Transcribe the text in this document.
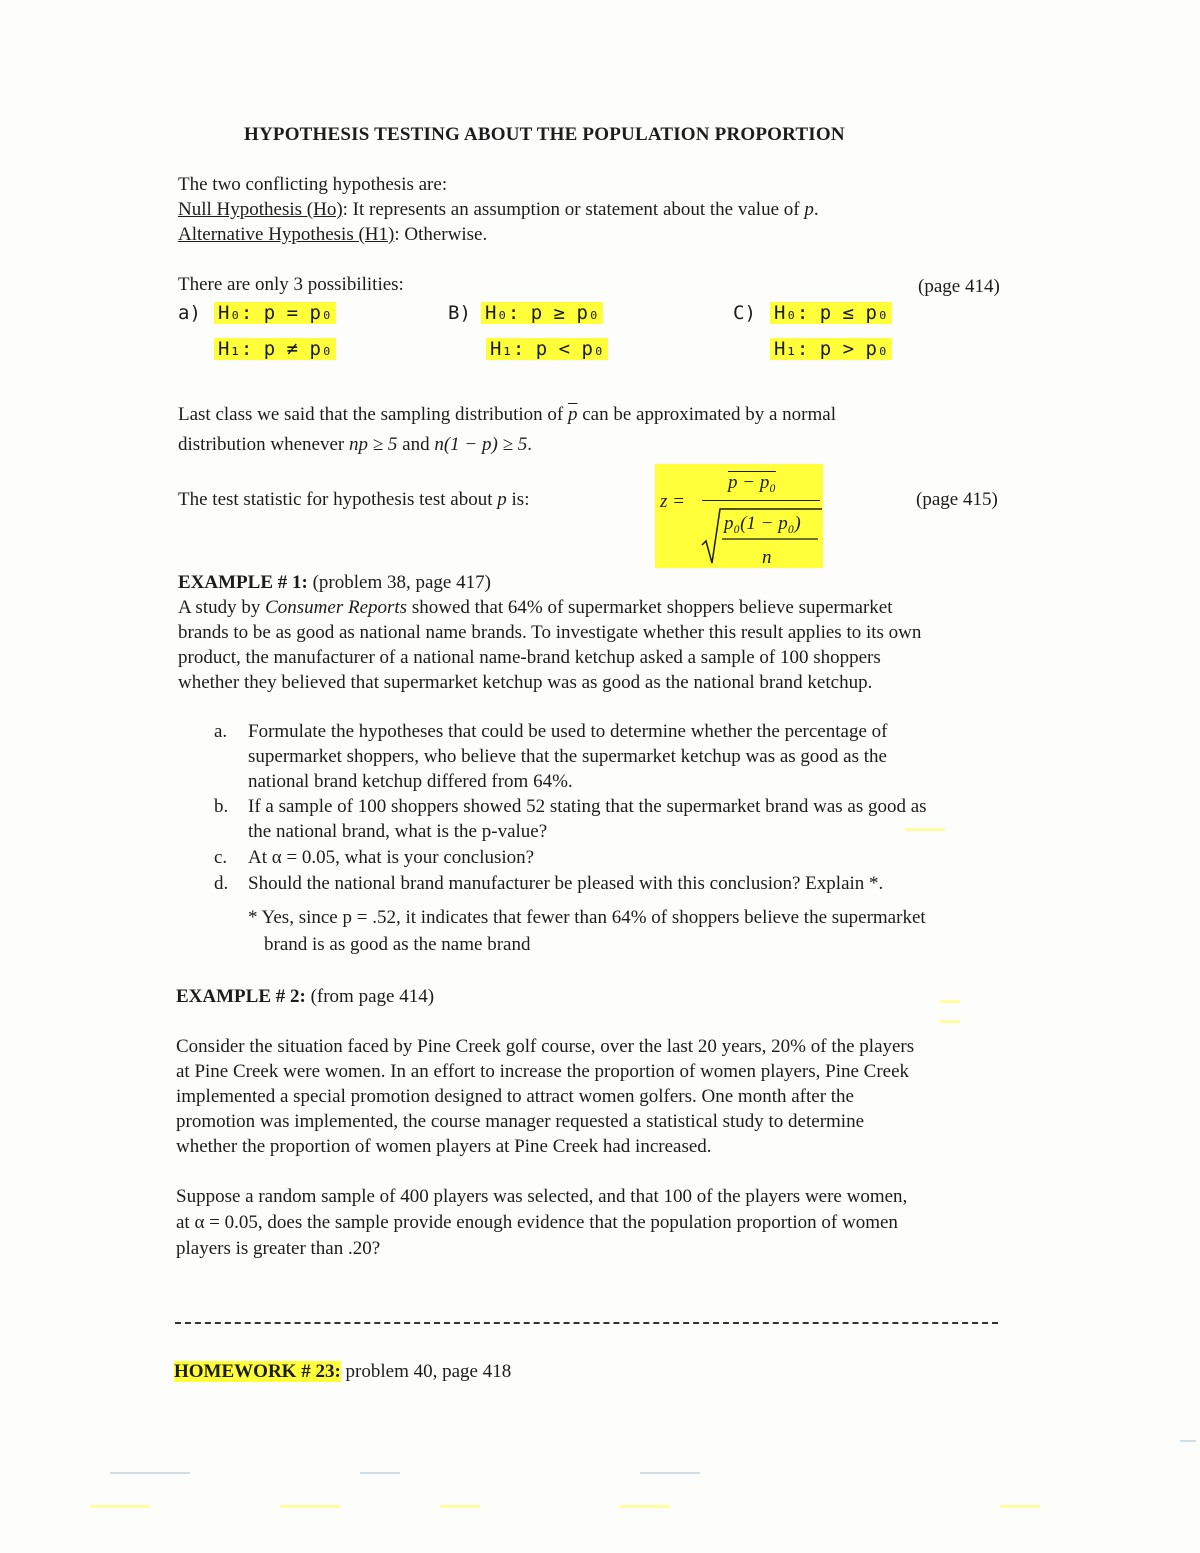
HYPOTHESIS TESTING ABOUT THE POPULATION PROPORTION
The two conflicting hypothesis are:
Null Hypothesis (Ho): It represents an assumption or statement about the value of p.
Alternative Hypothesis (H1): Otherwise.
There are only 3 possibilities:	(page 414)
a) H₀: p = p₀
H₁: p ≠ p₀
B) H₀: p ≥ p₀
H₁: p < p₀
C) H₀: p ≤ p₀
H₁: p > p₀
Last class we said that the sampling distribution of $\overline{p}$ can be approximated by a normal
distribution whenever np ≥ 5 and n(1 − p) ≥ 5.
The test statistic for hypothesis test about p is:	z =
p − p₀
p₀(1 − p₀)
n
(page 415)
EXAMPLE # 1: (problem 38, page 417)
A study by Consumer Reports showed that 64% of supermarket shoppers believe supermarket
brands to be as good as national name brands. To investigate whether this result applies to its own
product, the manufacturer of a national name-brand ketchup asked a sample of 100 shoppers
whether they believed that supermarket ketchup was as good as the national brand ketchup.
a. Formulate the hypotheses that could be used to determine whether the percentage of
supermarket shoppers, who believe that the supermarket ketchup was as good as the
national brand ketchup differed from 64%.
b. If a sample of 100 shoppers showed 52 stating that the supermarket brand was as good as
the national brand, what is the p-value?
c. At α = 0.05, what is your conclusion?
d. Should the national brand manufacturer be pleased with this conclusion? Explain *.
* Yes, since p = .52, it indicates that fewer than 64% of shoppers believe the supermarket
brand is as good as the name brand
EXAMPLE # 2: (from page 414)
Consider the situation faced by Pine Creek golf course, over the last 20 years, 20% of the players
at Pine Creek were women. In an effort to increase the proportion of women players, Pine Creek
implemented a special promotion designed to attract women golfers. One month after the
promotion was implemented, the course manager requested a statistical study to determine
whether the proportion of women players at Pine Creek had increased.
Suppose a random sample of 400 players was selected, and that 100 of the players were women,
at α = 0.05, does the sample provide enough evidence that the population proportion of women
players is greater than .20?
HOMEWORK # 23: problem 40, page 418
